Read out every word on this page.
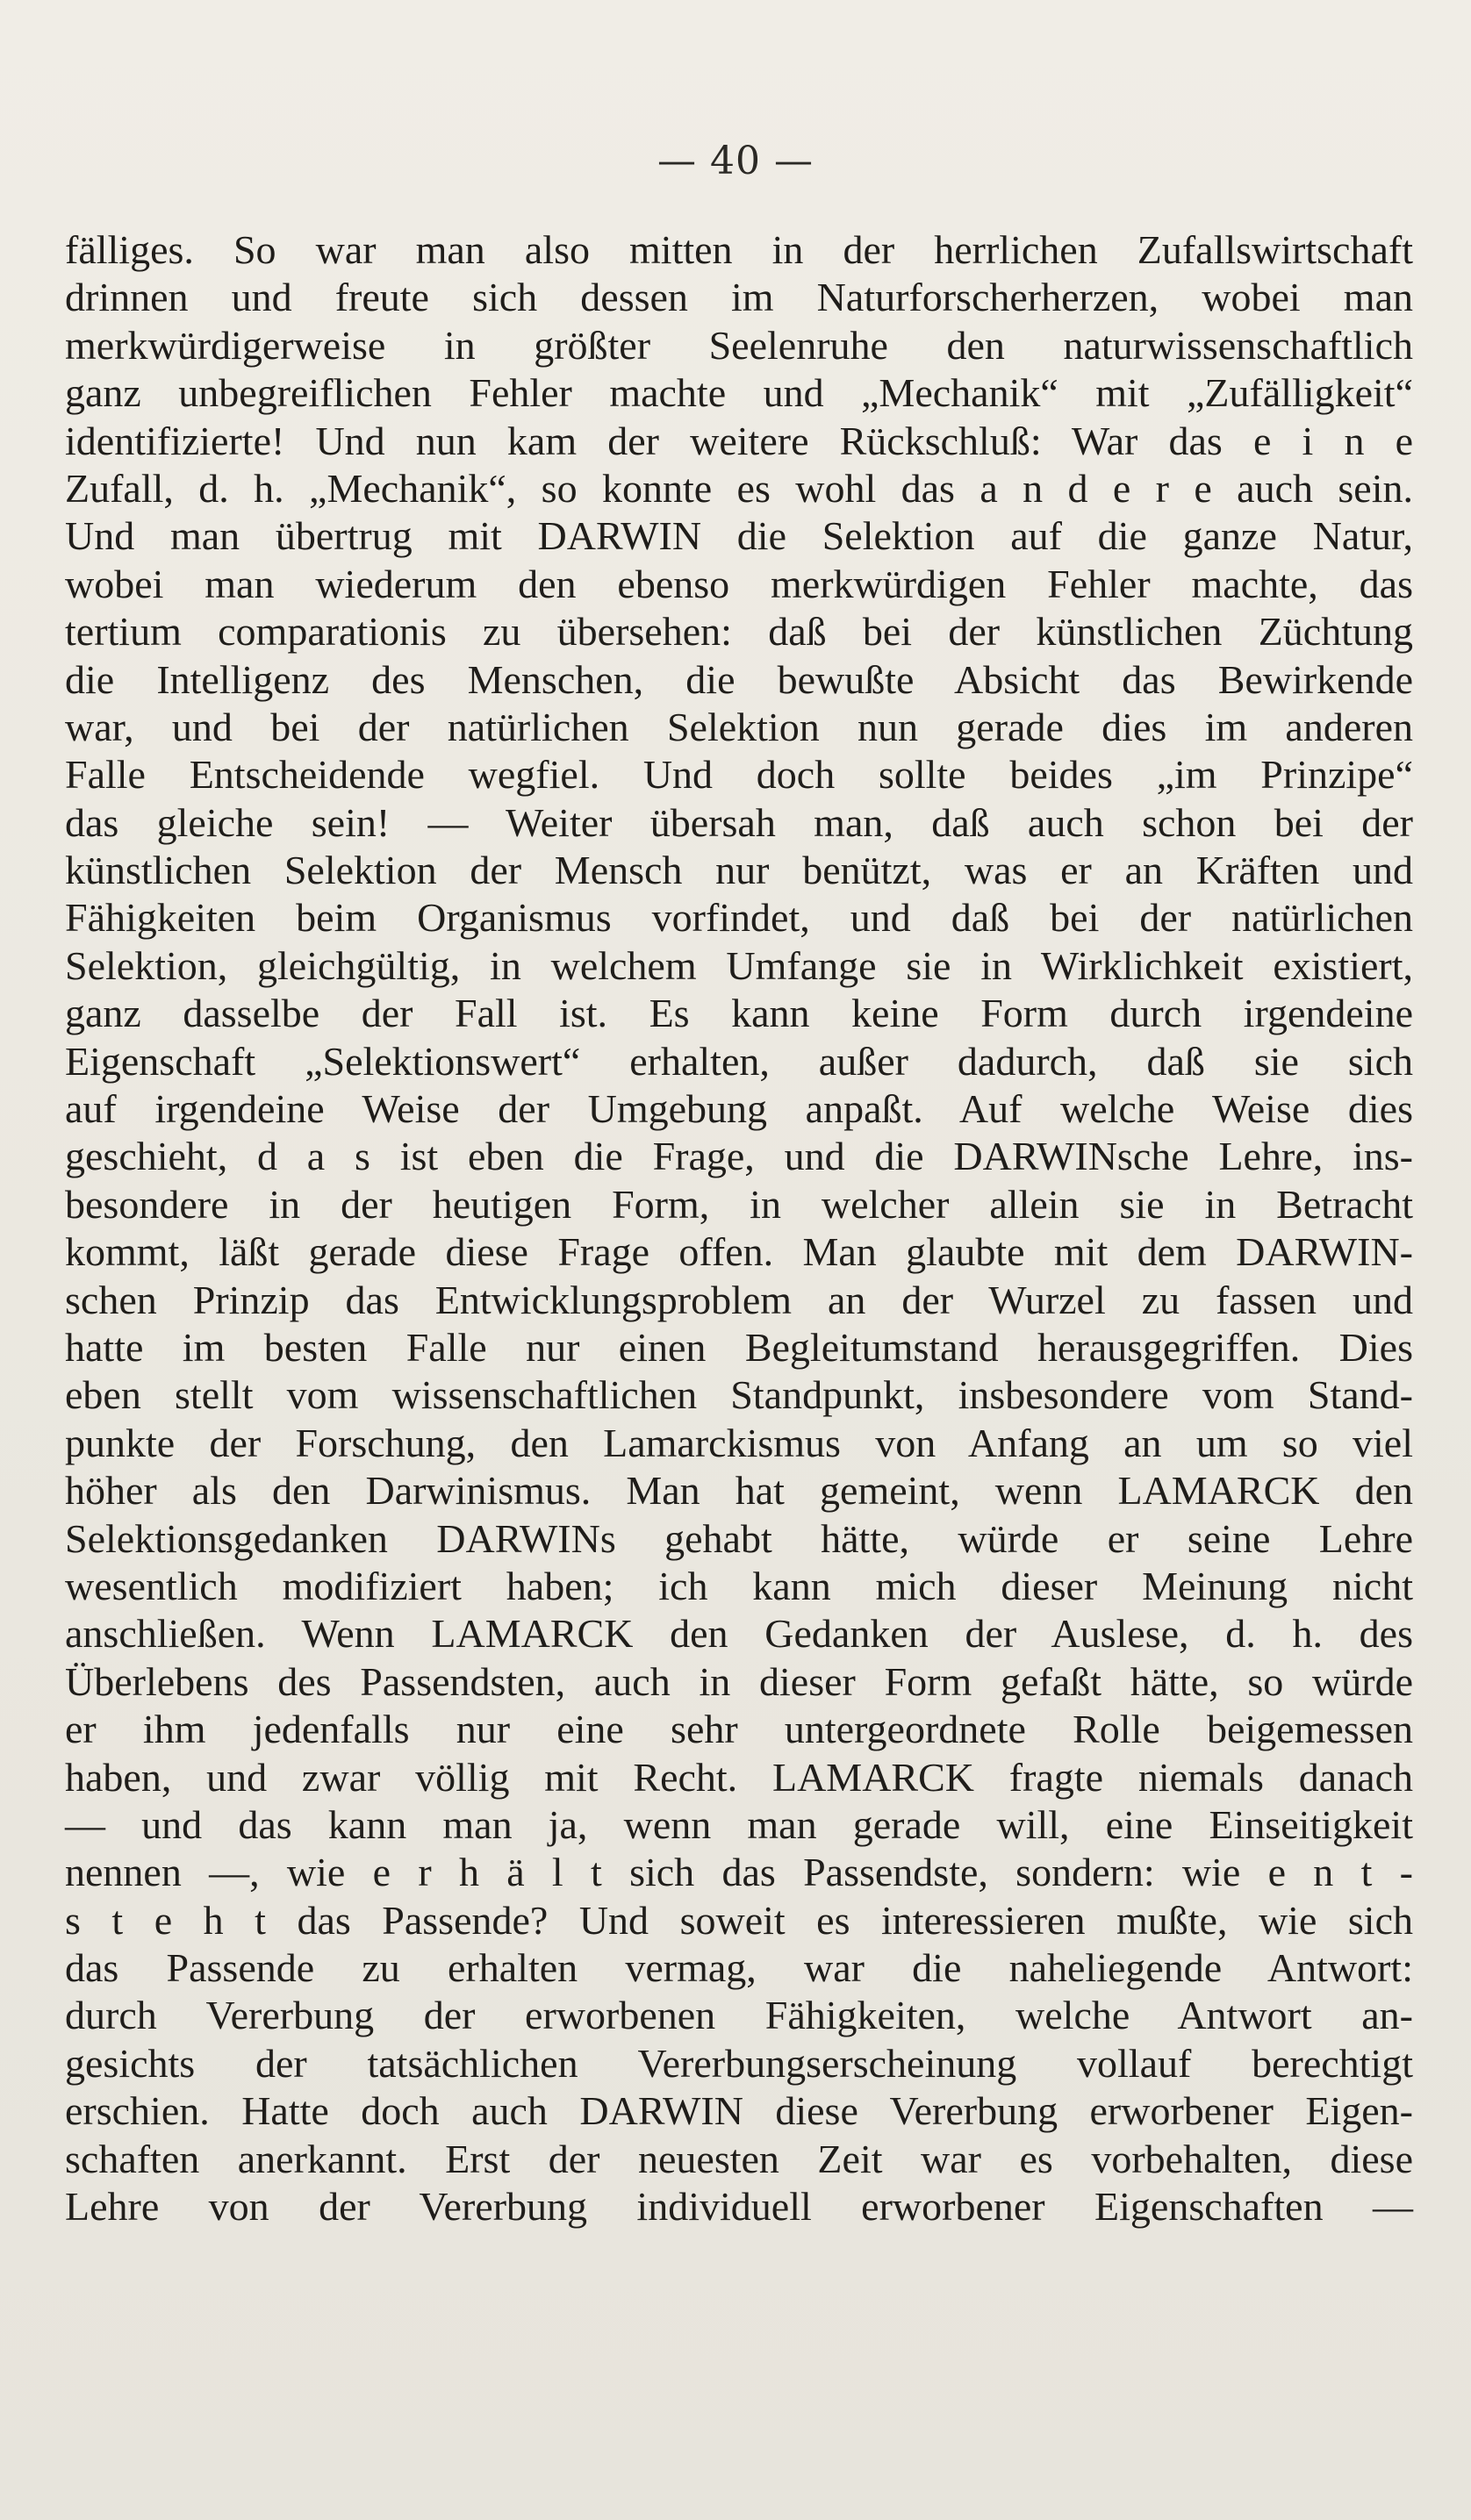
— 40 —
fälliges. So war man also mitten in der herrlichen Zufallswirtschaft
drinnen und freute sich dessen im Naturforscherherzen, wobei man
merkwürdigerweise in größter Seelenruhe den naturwissenschaftlich
ganz unbegreiflichen Fehler machte und „Mechanik“ mit „Zufälligkeit“
identifizierte! Und nun kam der weitere Rückschluß: War das e i n e
Zufall, d. h. „Mechanik“, so konnte es wohl das a n d e r e auch sein.
Und man übertrug mit DARWIN die Selektion auf die ganze Natur,
wobei man wiederum den ebenso merkwürdigen Fehler machte, das
tertium comparationis zu übersehen: daß bei der künstlichen Züchtung
die Intelligenz des Menschen, die bewußte Absicht das Bewirkende
war, und bei der natürlichen Selektion nun gerade dies im anderen
Falle Entscheidende wegfiel. Und doch sollte beides „im Prinzipe“
das gleiche sein! — Weiter übersah man, daß auch schon bei der
künstlichen Selektion der Mensch nur benützt, was er an Kräften und
Fähigkeiten beim Organismus vorfindet, und daß bei der natürlichen
Selektion, gleichgültig, in welchem Umfange sie in Wirklichkeit existiert,
ganz dasselbe der Fall ist. Es kann keine Form durch irgendeine
Eigenschaft „Selektionswert“ erhalten, außer dadurch, daß sie sich
auf irgendeine Weise der Umgebung anpaßt. Auf welche Weise dies
geschieht, d a s ist eben die Frage, und die DARWINsche Lehre, ins-
besondere in der heutigen Form, in welcher allein sie in Betracht
kommt, läßt gerade diese Frage offen. Man glaubte mit dem DARWIN-
schen Prinzip das Entwicklungsproblem an der Wurzel zu fassen und
hatte im besten Falle nur einen Begleitumstand herausgegriffen. Dies
eben stellt vom wissenschaftlichen Standpunkt, insbesondere vom Stand-
punkte der Forschung, den Lamarckismus von Anfang an um so viel
höher als den Darwinismus. Man hat gemeint, wenn LAMARCK den
Selektionsgedanken DARWINs gehabt hätte, würde er seine Lehre
wesentlich modifiziert haben; ich kann mich dieser Meinung nicht
anschließen. Wenn LAMARCK den Gedanken der Auslese, d. h. des
Überlebens des Passendsten, auch in dieser Form gefaßt hätte, so würde
er ihm jedenfalls nur eine sehr untergeordnete Rolle beigemessen
haben, und zwar völlig mit Recht. LAMARCK fragte niemals danach
— und das kann man ja, wenn man gerade will, eine Einseitigkeit
nennen —, wie e r h ä l t sich das Passendste, sondern: wie e n t -
s t e h t das Passende? Und soweit es interessieren mußte, wie sich
das Passende zu erhalten vermag, war die naheliegende Antwort:
durch Vererbung der erworbenen Fähigkeiten, welche Antwort an-
gesichts der tatsächlichen Vererbungserscheinung vollauf berechtigt
erschien. Hatte doch auch DARWIN diese Vererbung erworbener Eigen-
schaften anerkannt. Erst der neuesten Zeit war es vorbehalten, diese
Lehre von der Vererbung individuell erworbener Eigenschaften —
